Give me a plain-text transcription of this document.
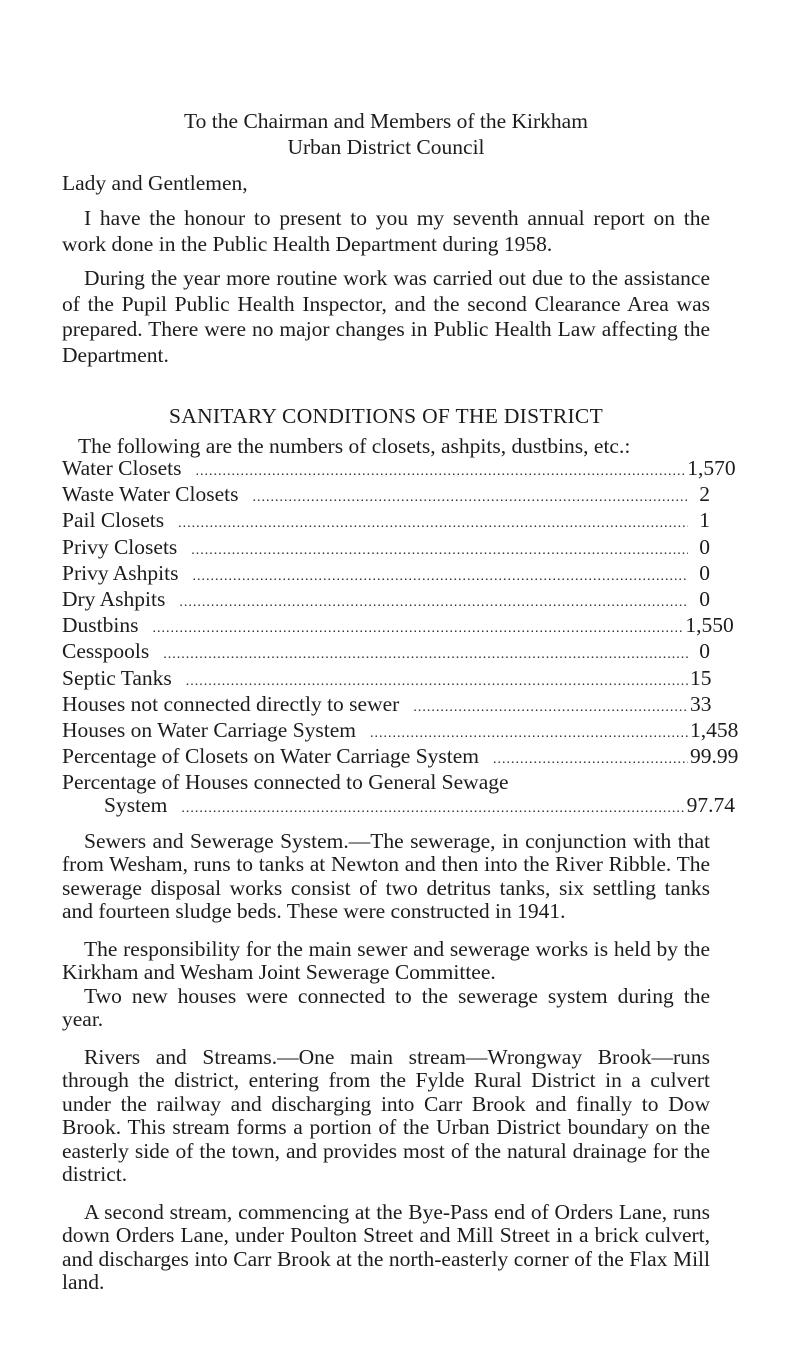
To the Chairman and Members of the Kirkham
Urban District Council
Lady and Gentlemen,

I have the honour to present to you my seventh annual report on the work done in the Public Health Department during 1958.

During the year more routine work was carried out due to the assistance of the Pupil Public Health Inspector, and the second Clearance Area was prepared. There were no major changes in Public Health Law affecting the Department.

SANITARY CONDITIONS OF THE DISTRICT
The following are the numbers of closets, ashpits, dustbins, etc.:
Water Closets .....	1,570
Waste Water Closets .....	2
Pail Closets .....	1
Privy Closets .....	0
Privy Ashpits .....	0
Dry Ashpits .....	0
Dustbins .....	1,550
Cesspools .....	0
Septic Tanks .....	15
Houses not connected directly to sewer .....	33
Houses on Water Carriage System .....	1,458
Percentage of Closets on Water Carriage System .....	99.99
Percentage of Houses connected to General Sewage
System .....	97.74

Sewers and Sewerage System.—The sewerage, in conjunction with that from Wesham, runs to tanks at Newton and then into the River Ribble. The sewerage disposal works consist of two detritus tanks, six settling tanks and fourteen sludge beds. These were constructed in 1941.

The responsibility for the main sewer and sewerage works is held by the Kirkham and Wesham Joint Sewerage Committee.

Two new houses were connected to the sewerage system during the year.

Rivers and Streams.—One main stream—Wrongway Brook—runs through the district, entering from the Fylde Rural District in a culvert under the railway and discharging into Carr Brook and finally to Dow Brook. This stream forms a portion of the Urban District boundary on the easterly side of the town, and provides most of the natural drainage for the district.

A second stream, commencing at the Bye-Pass end of Orders Lane, runs down Orders Lane, under Poulton Street and Mill Street in a brick culvert, and discharges into Carr Brook at the north-easterly corner of the Flax Mill land.
